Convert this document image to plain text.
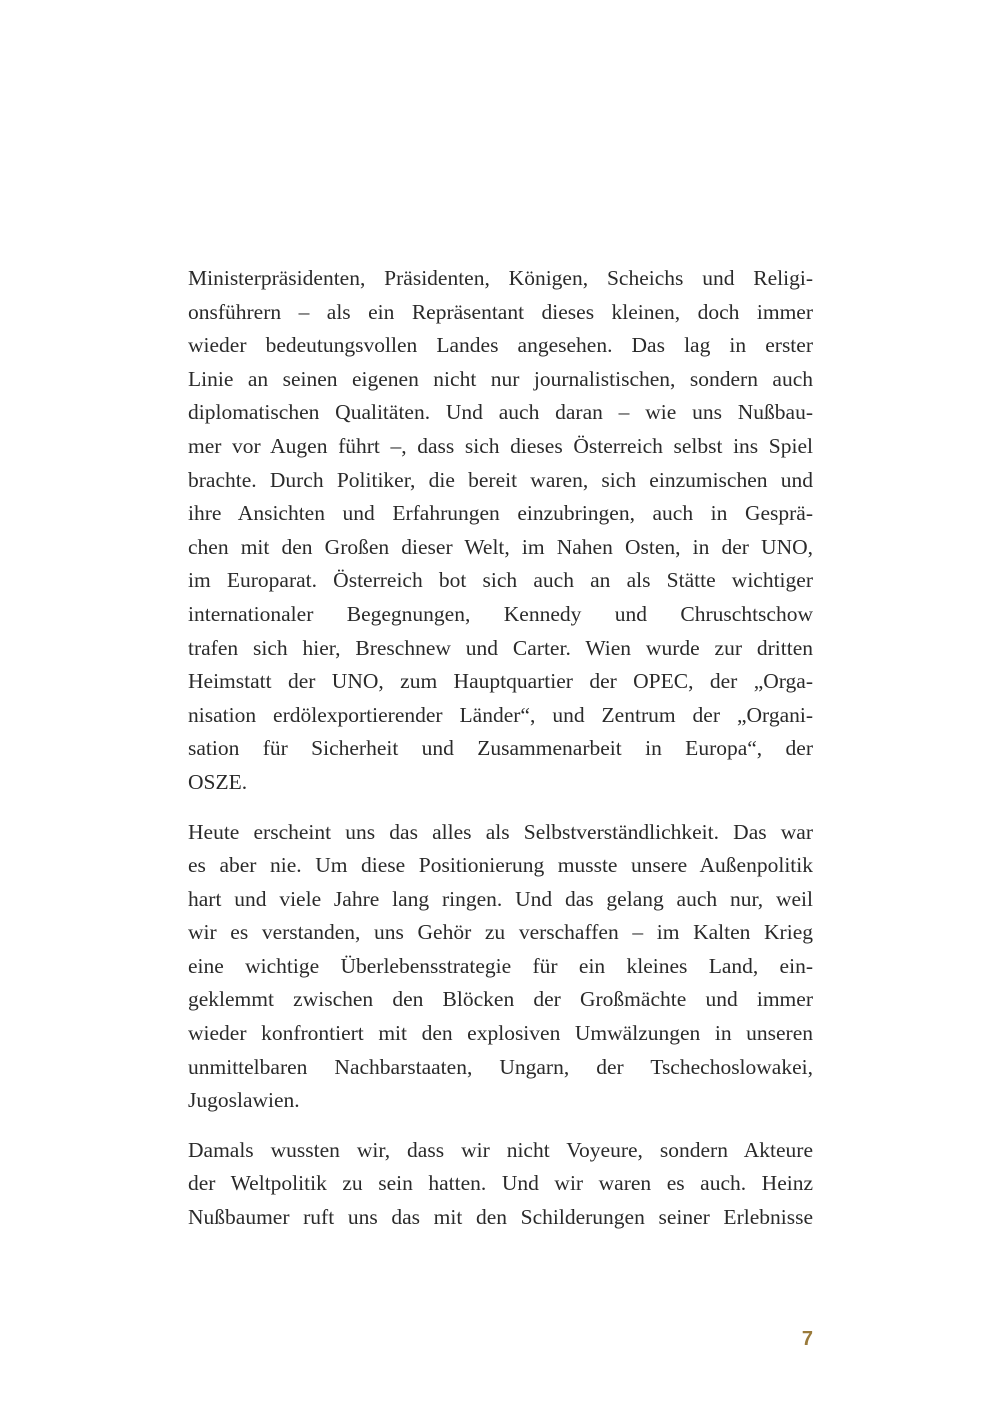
Ministerpräsidenten, Präsidenten, Königen, Scheichs und Religi-
onsführern – als ein Repräsentant dieses kleinen, doch immer
wieder bedeutungsvollen Landes angesehen. Das lag in erster
Linie an seinen eigenen nicht nur journalistischen, sondern auch
diplomatischen Qualitäten. Und auch daran – wie uns Nußbau-
mer vor Augen führt –, dass sich dieses Österreich selbst ins Spiel
brachte. Durch Politiker, die bereit waren, sich einzumischen und
ihre Ansichten und Erfahrungen einzubringen, auch in Gesprä-
chen mit den Großen dieser Welt, im Nahen Osten, in der UNO,
im Europarat. Österreich bot sich auch an als Stätte wichtiger
internationaler Begegnungen, Kennedy und Chruschtschow
trafen sich hier, Breschnew und Carter. Wien wurde zur dritten
Heimstatt der UNO, zum Hauptquartier der OPEC, der „Orga-
nisation erdölexportierender Länder“, und Zentrum der „Organi-
sation für Sicherheit und Zusammenarbeit in Europa“, der
OSZE.

Heute erscheint uns das alles als Selbstverständlichkeit. Das war
es aber nie. Um diese Positionierung musste unsere Außenpolitik
hart und viele Jahre lang ringen. Und das gelang auch nur, weil
wir es verstanden, uns Gehör zu verschaffen – im Kalten Krieg
eine wichtige Überlebensstrategie für ein kleines Land, ein-
geklemmt zwischen den Blöcken der Großmächte und immer
wieder konfrontiert mit den explosiven Umwälzungen in unseren
unmittelbaren Nachbarstaaten, Ungarn, der Tschechoslowakei,
Jugoslawien.

Damals wussten wir, dass wir nicht Voyeure, sondern Akteure
der Weltpolitik zu sein hatten. Und wir waren es auch. Heinz
Nußbaumer ruft uns das mit den Schilderungen seiner Erlebnisse

7
